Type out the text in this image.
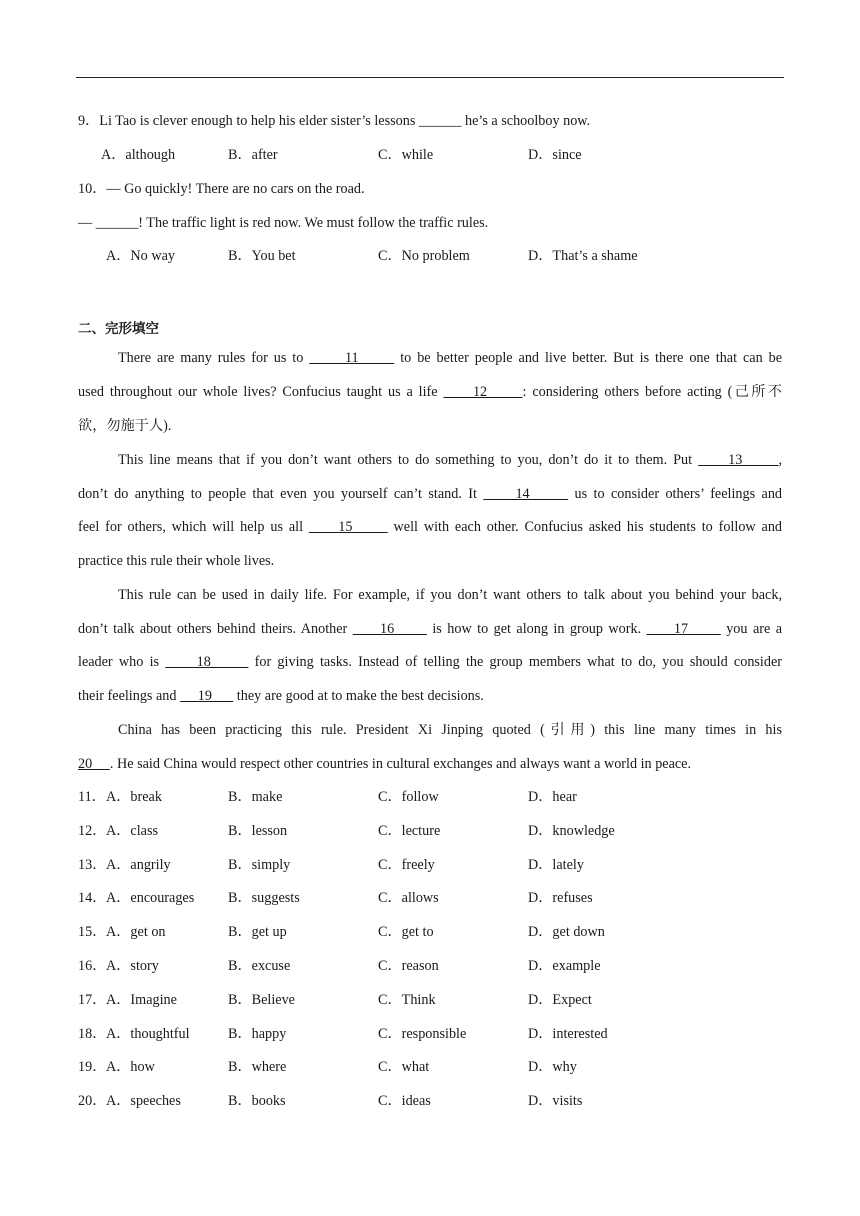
9．Li Tao is clever enough to help his elder sister’s lessons ______ he’s a schoolboy now.
A．although	B．after	C．while	D．since
10．— Go quickly! There are no cars on the road.
— ______! The traffic light is red now. We must follow the traffic rules.
A．No way	B．You bet	C．No problem	D．That’s a shame
二、完形填空
There are many rules for us to       11       to be better people and live better. But is there one that can be
used throughout our whole lives? Confucius taught us a life      12      : considering others before acting (己所不
欲，勿施于人).
This line means that if you don’t want others to do something to you, don’t do it to them. Put      13      ,
don’t do anything to people that even you yourself can’t stand. It      14       us to consider others’ feelings and
feel for others, which will help us all      15       well with each other. Confucius asked his students to follow and
practice this rule their whole lives.
This rule can be used in daily life. For example, if you don’t want others to talk about you behind your back,
don’t talk about others behind theirs. Another      16       is how to get along in group work.      17       you are a
leader who is      18       for giving tasks. Instead of telling the group members what to do, you should consider
their feelings and      19       they are good at to make the best decisions.
China has been practicing this rule. President Xi Jinping quoted (引用) this line many times in his
20     . He said China would respect other countries in cultural exchanges and always want a world in peace.
11． A．break	B．make	C．follow	D．hear
12． A．class	B．lesson	C．lecture	D．knowledge
13． A．angrily	B．simply	C．freely	D．lately
14． A．encourages B．suggests	C．allows	D．refuses
15． A．get on	B．get up	C．get to	D．get down
16． A．story	B．excuse	C．reason	D．example
17． A．Imagine	B．Believe	C．Think	D．Expect
18． A．thoughtful	B．happy	C．responsible	D．interested
19． A．how	B．where	C．what	D．why
20． A．speeches	B．books	C．ideas	D．visits
